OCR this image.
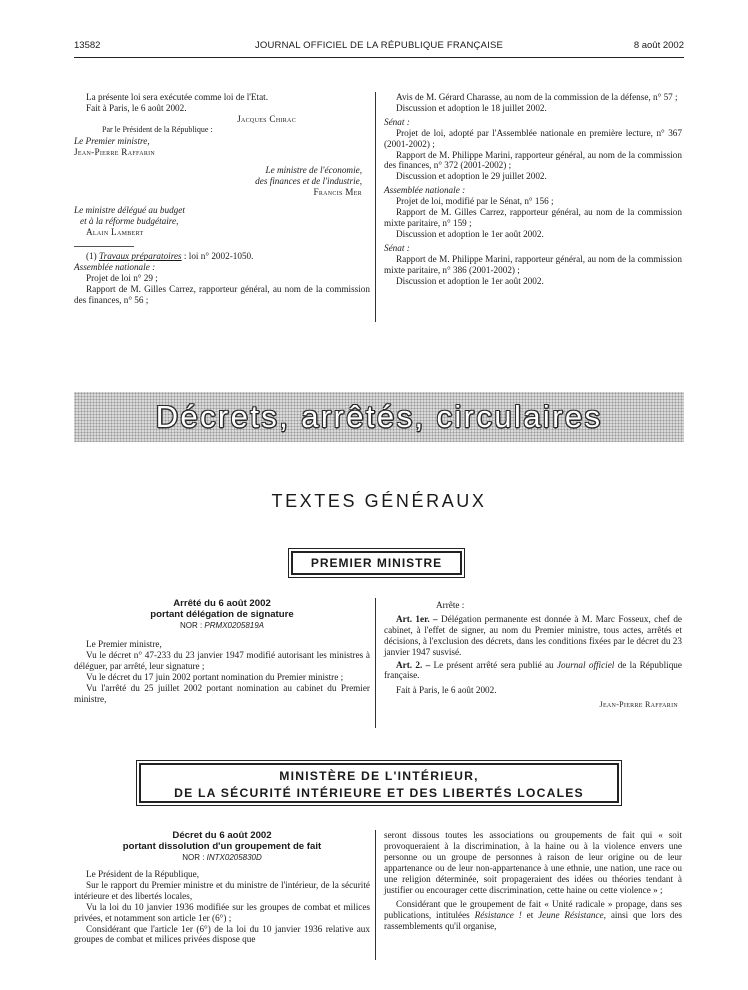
13582	JOURNAL OFFICIEL DE LA RÉPUBLIQUE FRANÇAISE	8 août 2002

La présente loi sera exécutée comme loi de l'Etat.

Fait à Paris, le 6 août 2002.

Jacques Chirac

Par le Président de la République :

Le Premier ministre,

Jean-Pierre Raffarin

Le ministre de l'économie,

des finances et de l'industrie,

Francis Mer

Le ministre délégué au budget

et à la réforme budgétaire,

Alain Lambert

(1) Travaux préparatoires : loi n° 2002-1050.

Assemblée nationale :

Projet de loi n° 29 ;

Rapport de M. Gilles Carrez, rapporteur général, au nom de la commission des finances, n° 56 ;

Avis de M. Gérard Charasse, au nom de la commission de la défense, n° 57 ;

Discussion et adoption le 18 juillet 2002.

Sénat :

Projet de loi, adopté par l'Assemblée nationale en première lecture, n° 367 (2001-2002) ;

Rapport de M. Philippe Marini, rapporteur général, au nom de la commission des finances, n° 372 (2001-2002) ;

Discussion et adoption le 29 juillet 2002.

Assemblée nationale :

Projet de loi, modifié par le Sénat, n° 156 ;

Rapport de M. Gilles Carrez, rapporteur général, au nom de la commission mixte paritaire, n° 159 ;

Discussion et adoption le 1er août 2002.

Sénat :

Rapport de M. Philippe Marini, rapporteur général, au nom de la commission mixte paritaire, n° 386 (2001-2002) ;

Discussion et adoption le 1er août 2002.

Décrets, arrêtés, circulaires
TEXTES GÉNÉRAUX
PREMIER MINISTRE

Arrêté du 6 août 2002

portant délégation de signature

NOR : PRMX0205819A

Le Premier ministre,

Vu le décret n° 47-233 du 23 janvier 1947 modifié autorisant les ministres à déléguer, par arrêté, leur signature ;

Vu le décret du 17 juin 2002 portant nomination du Premier ministre ;

Vu l'arrêté du 25 juillet 2002 portant nomination au cabinet du Premier ministre,

Arrête :

Art. 1er. – Délégation permanente est donnée à M. Marc Fosseux, chef de cabinet, à l'effet de signer, au nom du Premier ministre, tous actes, arrêtés et décisions, à l'exclusion des décrets, dans les conditions fixées par le décret du 23 janvier 1947 susvisé.

Art. 2. – Le présent arrêté sera publié au Journal officiel de la République française.

Fait à Paris, le 6 août 2002.

Jean-Pierre Raffarin

MINISTÈRE DE L'INTÉRIEUR,
DE LA SÉCURITÉ INTÉRIEURE ET DES LIBERTÉS LOCALES

Décret du 6 août 2002

portant dissolution d'un groupement de fait

NOR : INTX0205830D

Le Président de la République,

Sur le rapport du Premier ministre et du ministre de l'intérieur, de la sécurité intérieure et des libertés locales,

Vu la loi du 10 janvier 1936 modifiée sur les groupes de combat et milices privées, et notamment son article 1er (6°) ;

Considérant que l'article 1er (6°) de la loi du 10 janvier 1936 relative aux groupes de combat et milices privées dispose que

seront dissous toutes les associations ou groupements de fait qui « soit provoqueraient à la discrimination, à la haine ou à la violence envers une personne ou un groupe de personnes à raison de leur origine ou de leur appartenance ou de leur non-appartenance à une ethnie, une nation, une race ou une religion déterminée, soit propageraient des idées ou théories tendant à justifier ou encourager cette discrimination, cette haine ou cette violence » ;

Considérant que le groupement de fait « Unité radicale » propage, dans ses publications, intitulées Résistance ! et Jeune Résistance, ainsi que lors des rassemblements qu'il organise,
